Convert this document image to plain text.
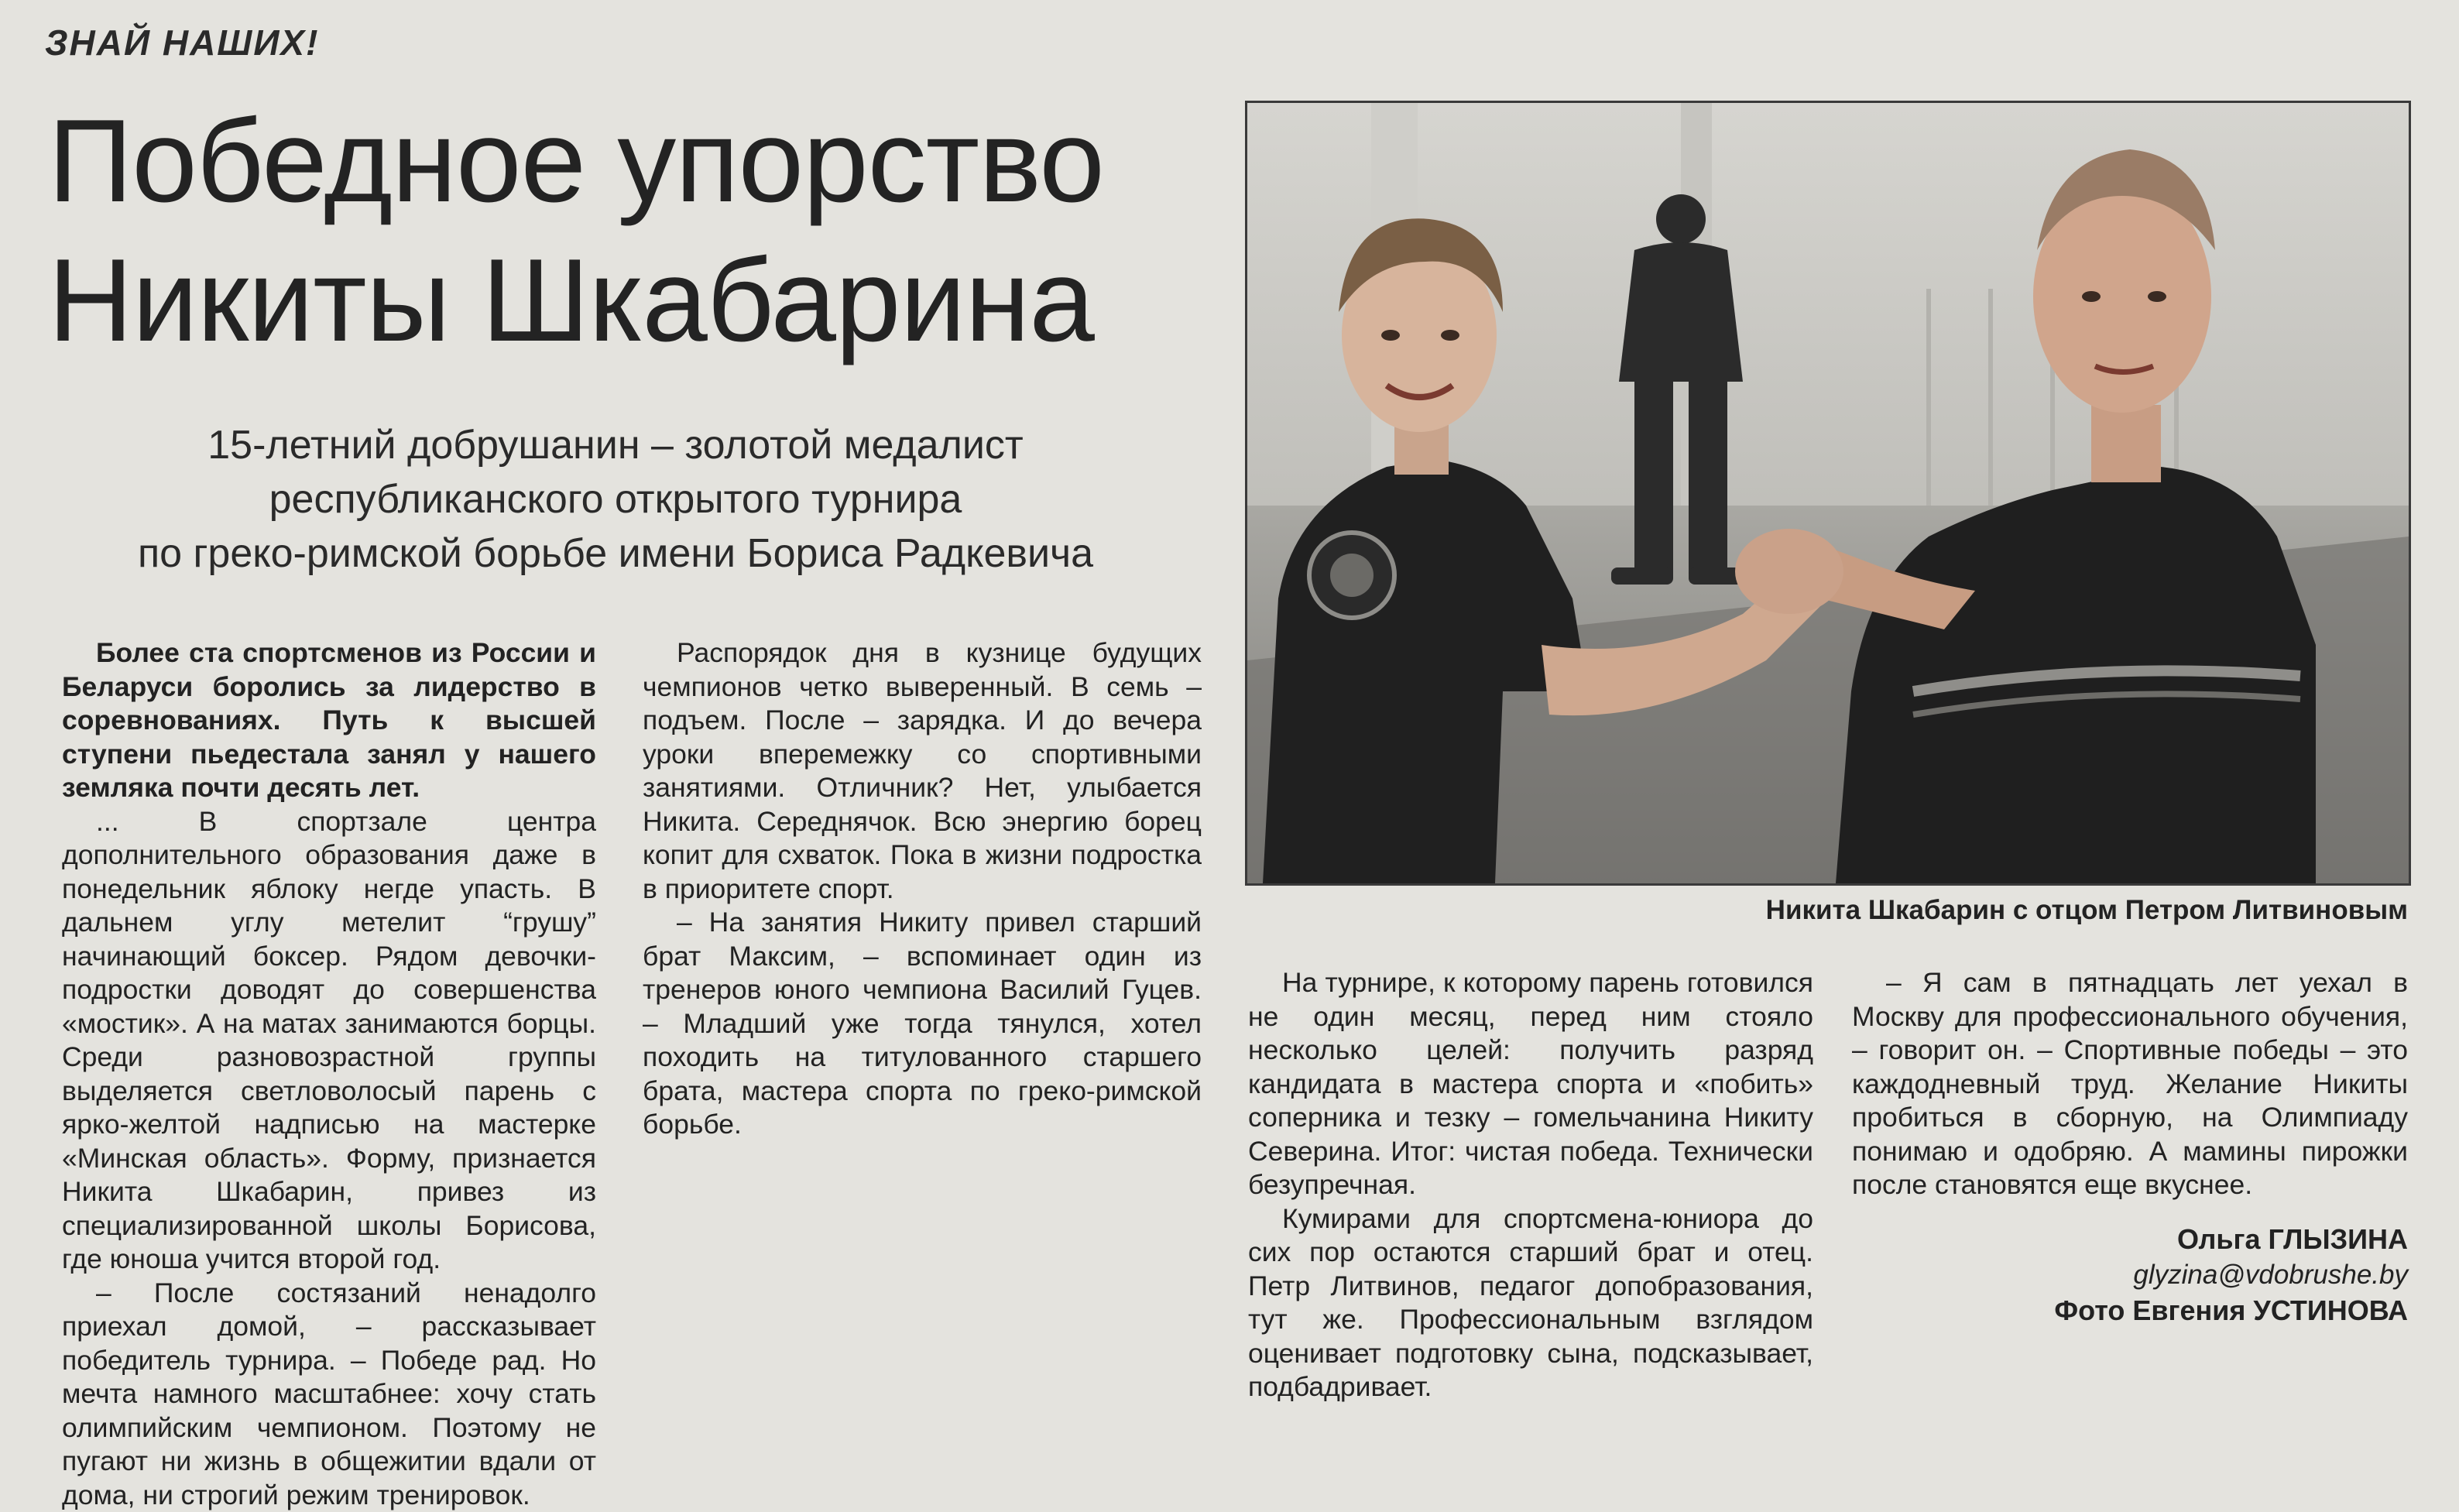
ЗНАЙ НАШИХ!
Победное упорство
Никиты Шкабарина
15-летний добрушанин – золотой медалист
республиканского открытого турнира
по греко-римской борьбе имени Бориса Радкевича
Никита Шкабарин с отцом Петром Литвиновым

Более ста спортсменов из России и Беларуси боролись за лидерство в соревнованиях. Путь к высшей ступени пьедестала занял у нашего земляка почти десять лет.

... В спортзале центра дополнительного образования даже в понедельник яблоку негде упасть. В дальнем углу метелит “грушу” начинающий боксер. Рядом девочки-подростки доводят до совершенства «мостик». А на матах занимаются борцы. Среди разновозрастной группы выделяется светловолосый парень с ярко-желтой надписью на мастерке «Минская область». Форму, признается Никита Шкабарин, привез из специализированной школы Борисова, где юноша учится второй год.

– После состязаний ненадолго приехал домой, – рассказывает победитель турнира. – Победе рад. Но мечта намного масштабнее: хочу стать олимпийским чемпионом. Поэтому не пугают ни жизнь в общежитии вдали от дома, ни строгий режим тренировок.

Распорядок дня в кузнице будущих чемпионов четко выверенный. В семь – подъем. После – зарядка. И до вечера уроки вперемежку со спортивными занятиями. Отличник? Нет, улыбается Никита. Середнячок. Всю энергию борец копит для схваток. Пока в жизни подростка в приоритете спорт.

– На занятия Никиту привел старший брат Максим, – вспоминает один из тренеров юного чемпиона Василий Гуцев. – Младший уже тогда тянулся, хотел походить на титулованного старшего брата, мастера спорта по греко-римской борьбе.

На турнире, к которому парень готовился не один месяц, перед ним стояло несколько целей: получить разряд кандидата в мастера спорта и «побить» соперника и тезку – гомельчанина Никиту Северина. Итог: чистая победа. Технически безупречная.

Кумирами для спортсмена-юниора до сих пор остаются старший брат и отец. Петр Литвинов, педагог допобразования, тут же. Профессиональным взглядом оценивает подготовку сына, подсказывает, подбадривает.

– Я сам в пятнадцать лет уехал в Москву для профессионального обучения, – говорит он. – Спортивные победы – это каждодневный труд. Желание Никиты пробиться в сборную, на Олимпиаду понимаю и одобряю. А мамины пирожки после становятся еще вкуснее.

Ольга ГЛЫЗИНА
glyzina@vdobrushe.by
Фото Евгения УСТИНОВА
